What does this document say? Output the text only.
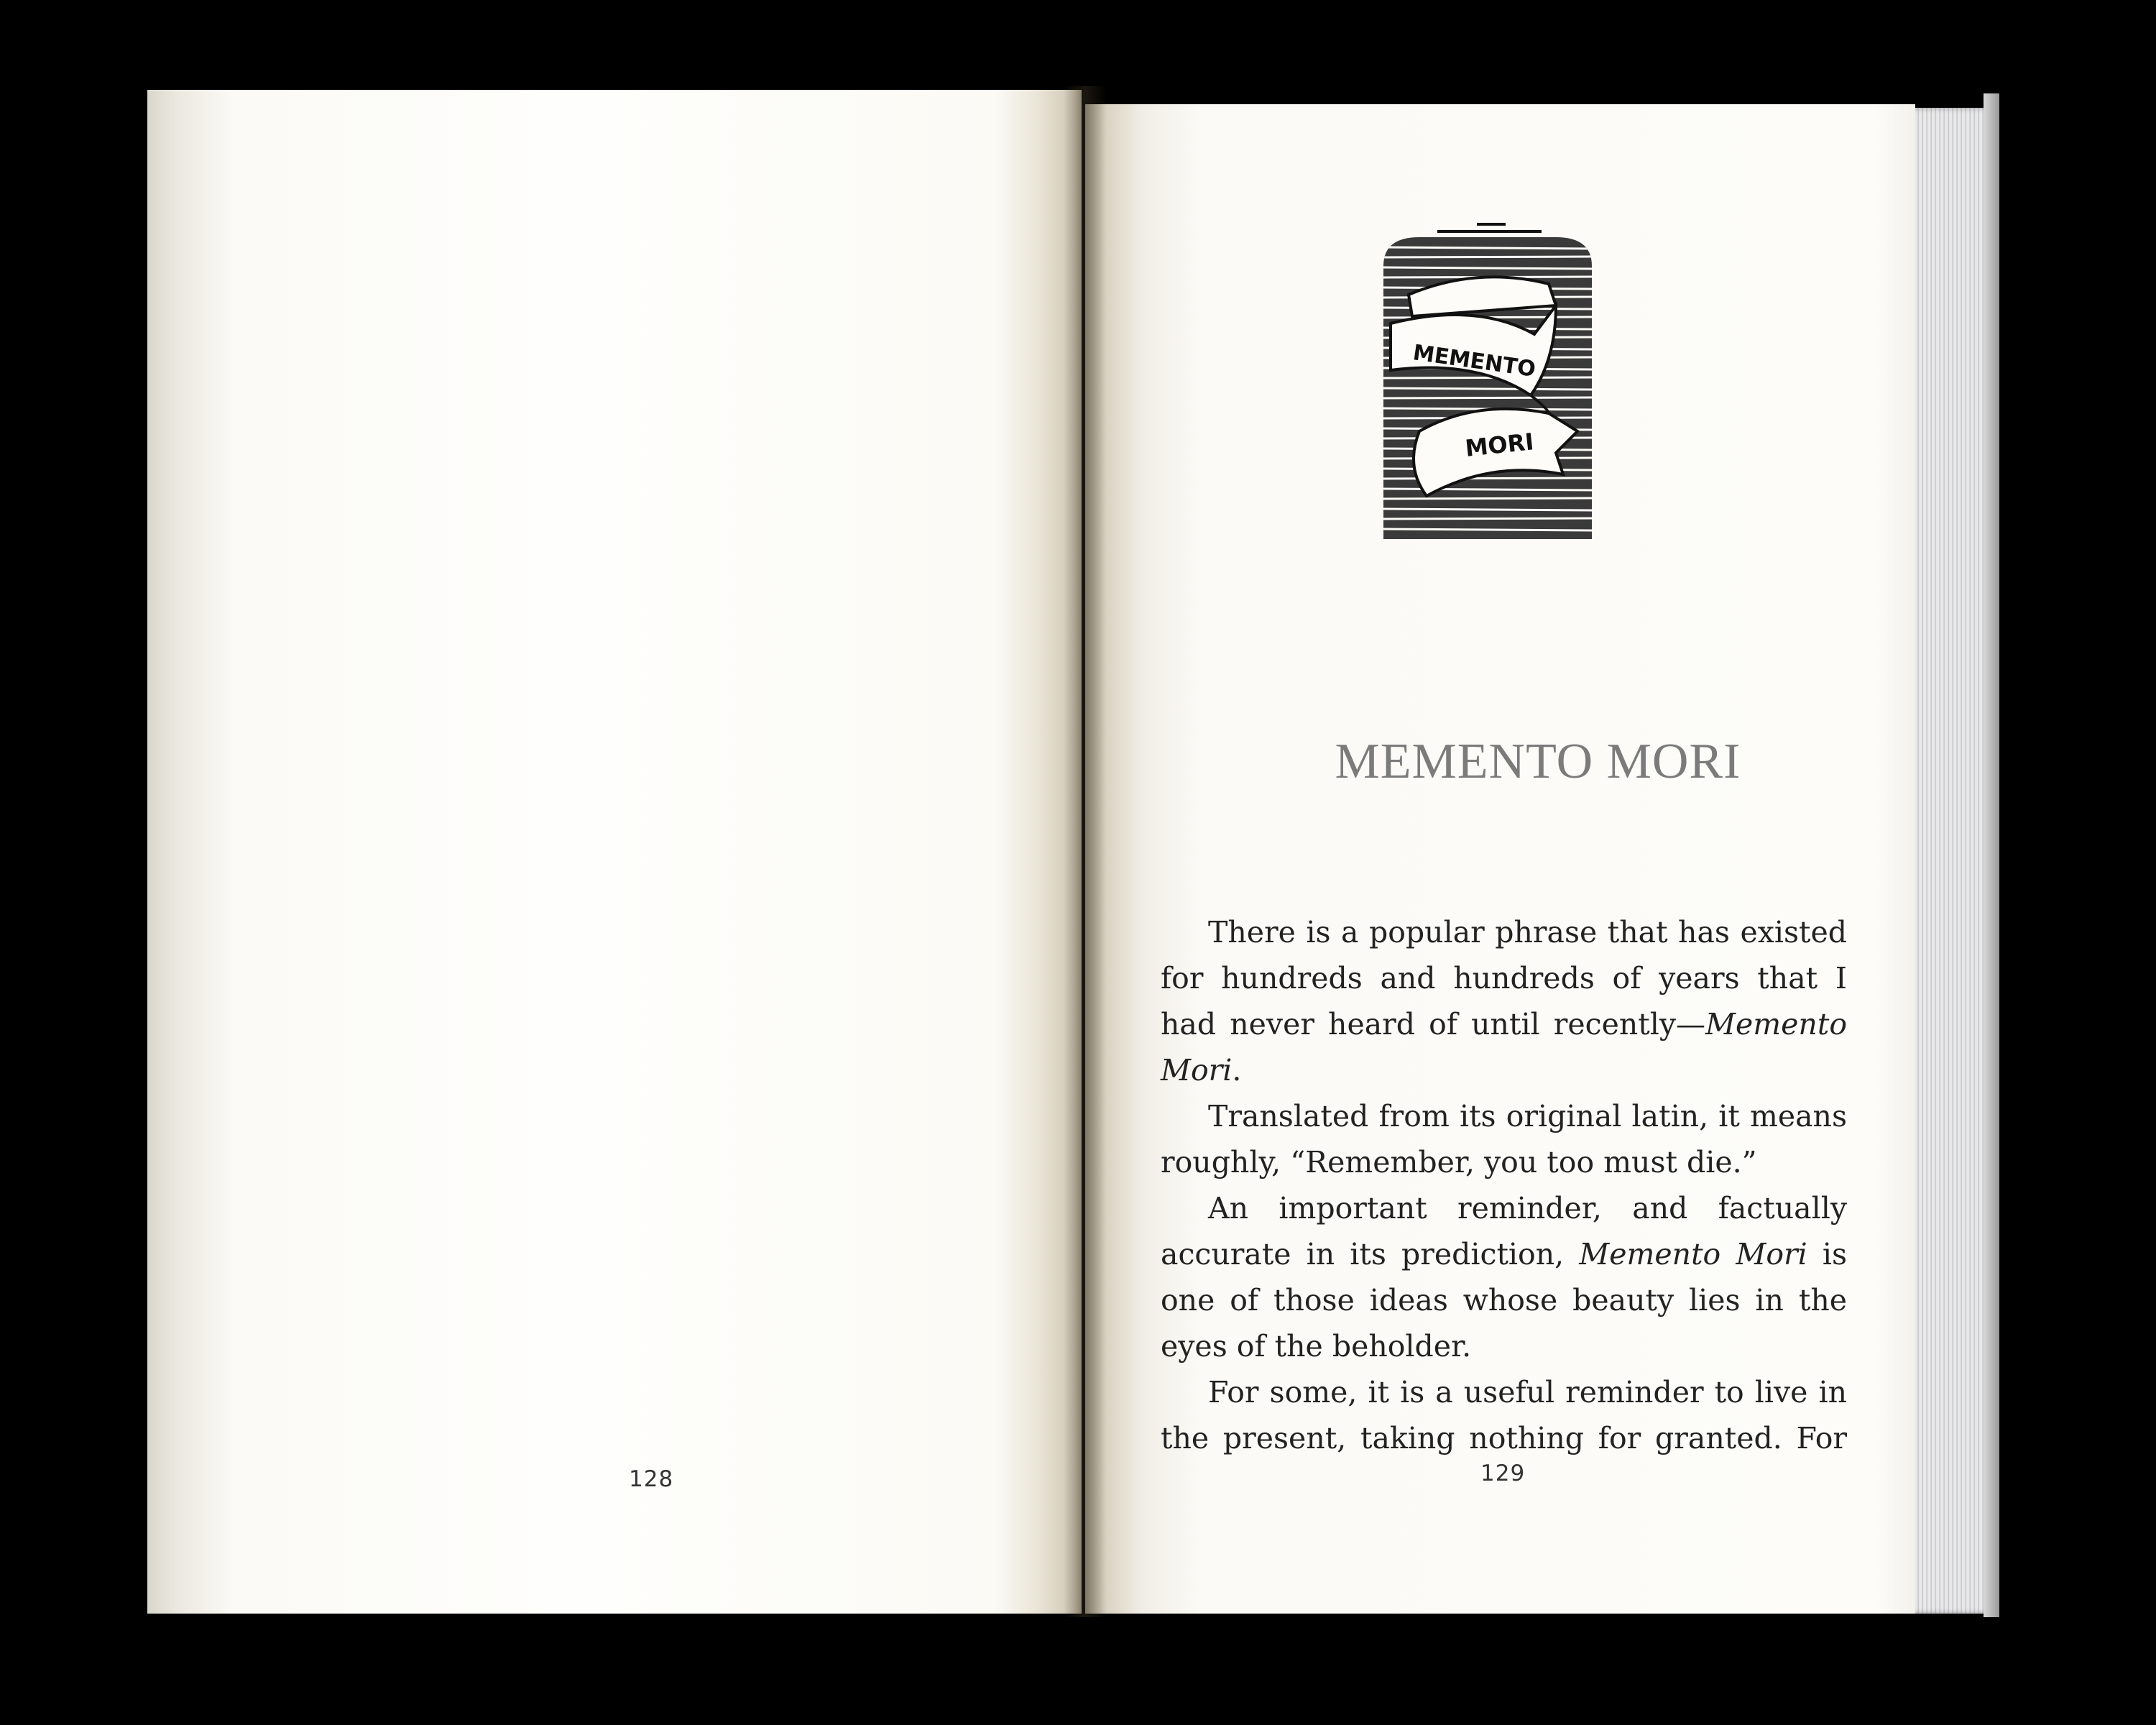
128
MEMENTO
MORI
MEMENTO MORI

There is a popular phrase that has existed for hundreds and hundreds of years that I had never heard of until recently—Memento Mori.

Translated from its original latin, it means roughly, “Remember, you too must die.”

An important reminder, and factually accurate in its prediction, Memento Mori is one of those ideas whose beauty lies in the eyes of the beholder.

For some, it is a useful reminder to live in the present, taking nothing for granted. For

129
